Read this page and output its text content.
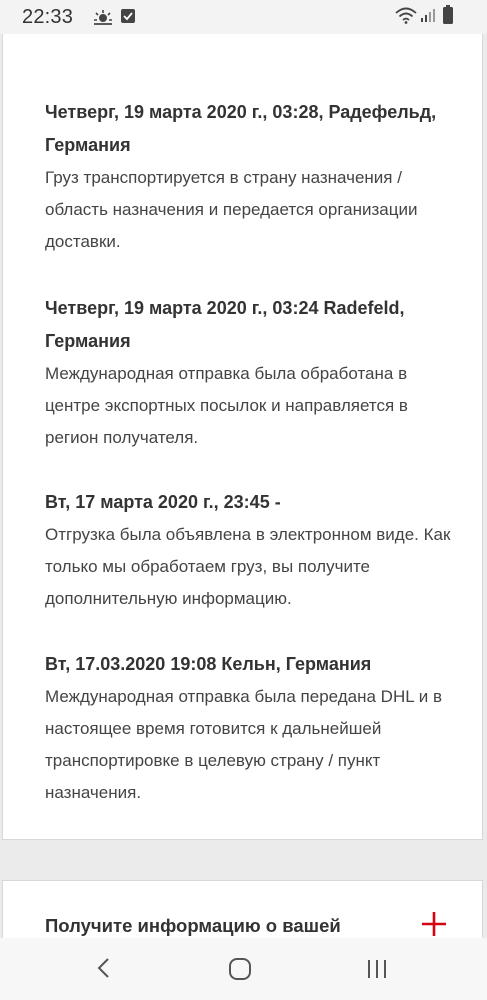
22:33

Четверг, 19 марта 2020 г., 03:28, Радефельд, Германия

Груз транспортируется в страну назначения / область назначения и передается организации доставки.

Четверг, 19 марта 2020 г., 03:24 Radefeld, Германия

Международная отправка была обработана в центре экспортных посылок и направляется в регион получателя.

Вт, 17 марта 2020 г., 23:45 -

Отгрузка была объявлена в электронном виде. Как только мы обработаем груз, вы получите дополнительную информацию.

Вт, 17.03.2020 19:08 Кельн, Германия

Международная отправка была передана DHL и в настоящее время готовится к дальнейшей транспортировке в целевую страну / пункт назначения.

Получите информацию о вашей
